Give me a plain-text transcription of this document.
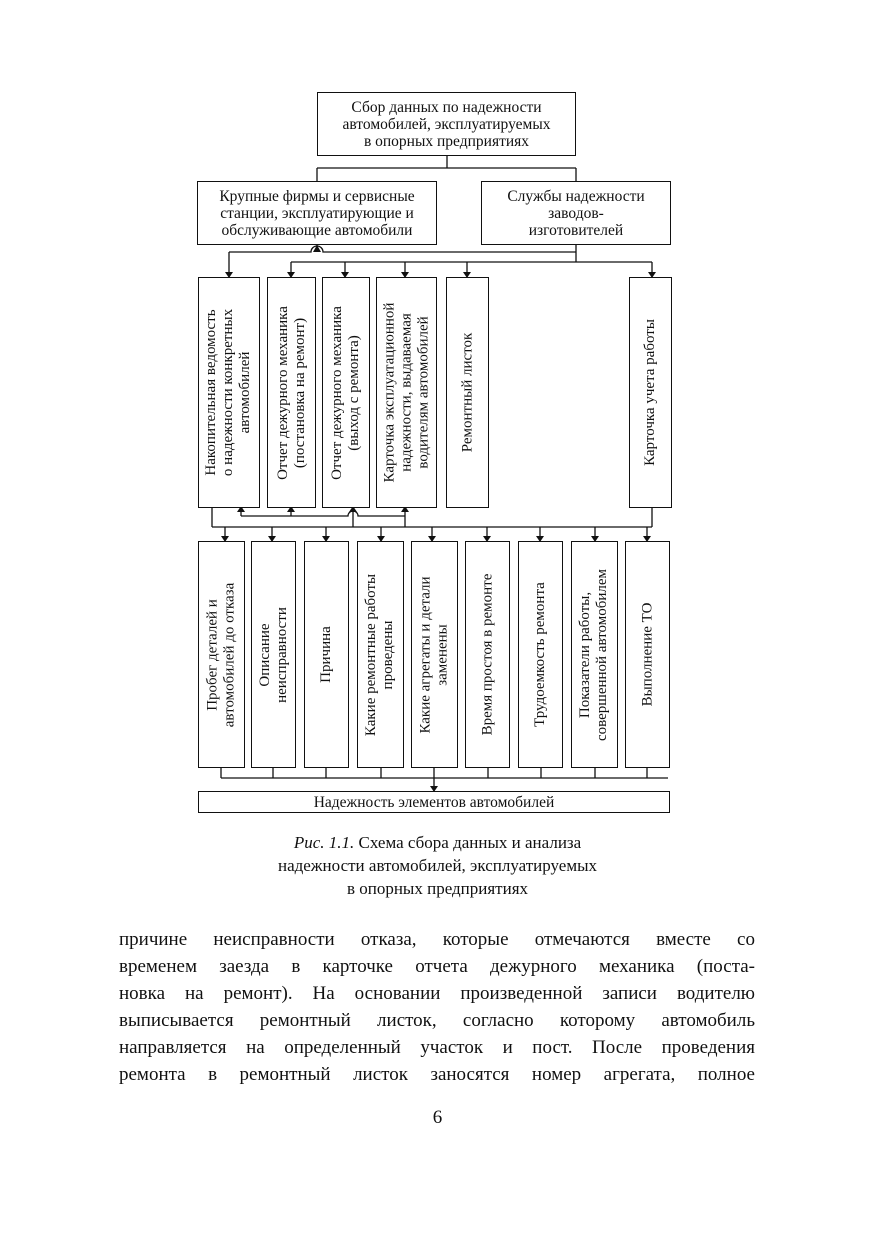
Сбор данных по надежности
автомобилей, эксплуатируемых
в опорных предприятиях
Крупные фирмы и сервисные
станции, эксплуатирующие и
обслуживающие автомобили
Службы надежности
заводов-
изготовителей
Накопительная ведомость
о надежности конкретных
автомобилей
Отчет дежурного механика
(постановка на ремонт)
Отчет дежурного механика
(выход с ремонта)
Карточка эксплуатационной
надежности, выдаваемая
водителям автомобилей Ремонтный листок	Карточка учета работы
Пробег деталей и
автомобилей до отказа
Описание
неисправности Причина
Какие ремонтные работы
проведены
Какие агрегаты и детали
заменены Время простоя в ремонте Трудоемкость ремонта Показатели работы,
совершенной автомобилем Выполнение ТО
Надежность элементов автомобилей
Рис. 1.1. Схема сбора данных и анализа
надежности автомобилей, эксплуатируемых
в опорных предприятиях
причине неисправности отказа, которые отмечаются вместе со
временем заезда в карточке отчета дежурного механика (поста-
новка на ремонт). На основании произведенной записи водителю
выписывается ремонтный листок, согласно которому автомобиль
направляется на определенный участок и пост. После проведения
ремонта в ремонтный листок заносятся номер агрегата, полное
6
